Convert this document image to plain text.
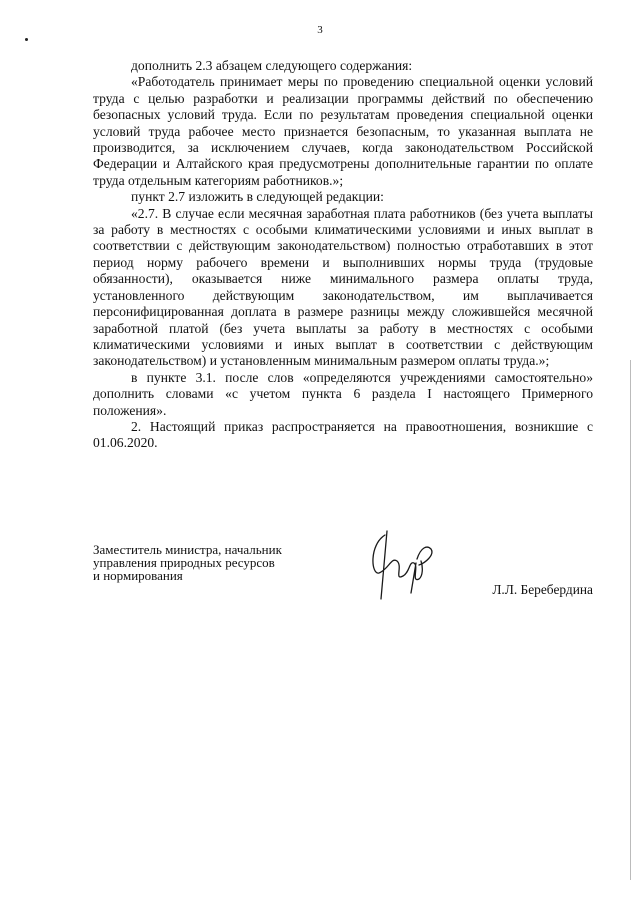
3

дополнить 2.3 абзацем следующего содержания:

«Работодатель принимает меры по проведению специальной оценки условий труда с целью разработки и реализации программы действий по обеспечению безопасных условий труда. Если по результатам проведения специальной оценки условий труда рабочее место признается безопасным, то указанная выплата не производится, за исключением случаев, когда законодательством Российской Федерации и Алтайского края предусмотрены дополнительные гарантии по оплате труда отдельным категориям работников.»;

пункт 2.7 изложить в следующей редакции:

«2.7. В случае если месячная заработная плата работников (без учета выплаты за работу в местностях с особыми климатическими условиями и иных выплат в соответствии с действующим законодательством) полностью отработавших в этот период норму рабочего времени и выполнивших нормы труда (трудовые обязанности), оказывается ниже минимального размера оплаты труда, установленного действующим законодательством, им выплачивается персонифицированная доплата в размере разницы между сложившейся месячной заработной платой (без учета выплаты за работу в местностях с особыми климатическими условиями и иных выплат в соответствии с действующим законодательством) и установленным минимальным размером оплаты труда.»;

в пункте 3.1. после слов «определяются учреждениями самостоятельно» дополнить словами «с учетом пункта 6 раздела I настоящего Примерного положения».

2. Настоящий приказ распространяется на правоотношения, возникшие с 01.06.2020.

Заместитель министра, начальник
управления природных ресурсов
и нормирования
Л.Л. Беребердина
